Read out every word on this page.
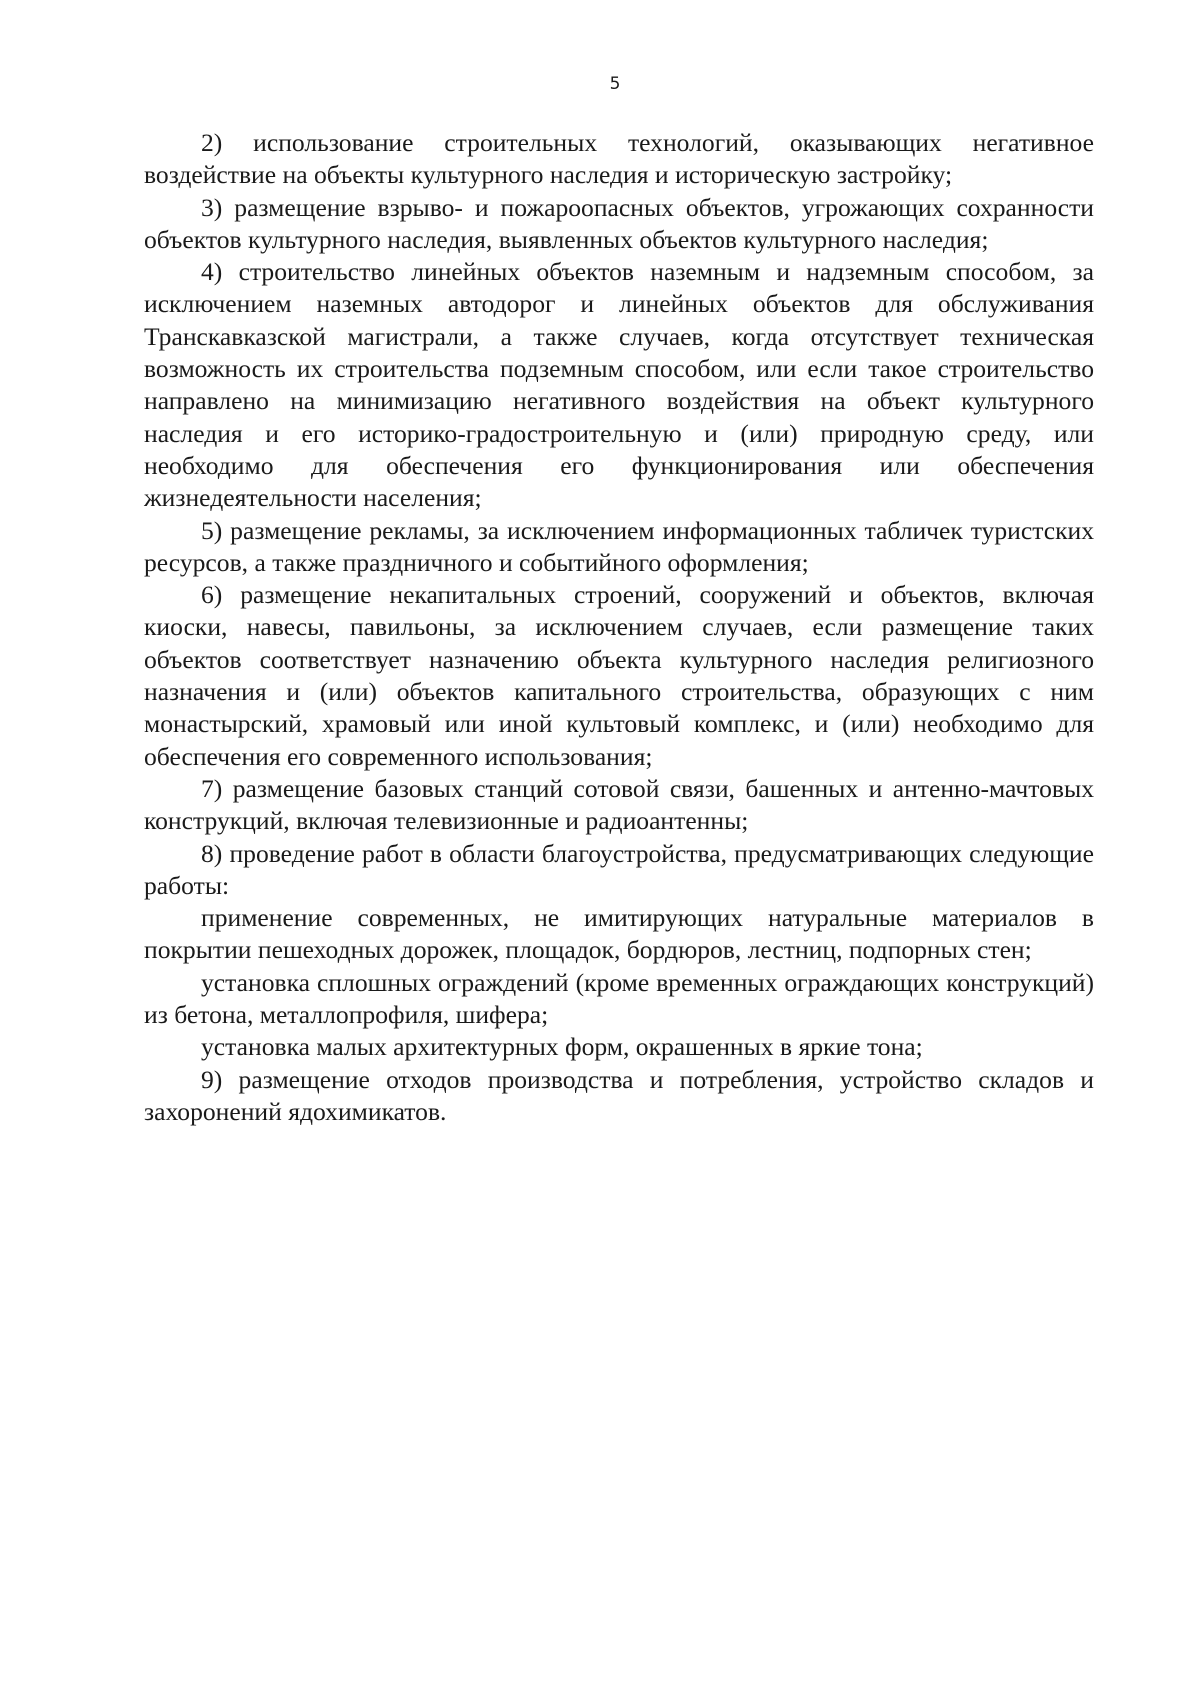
5

2) использование строительных технологий, оказывающих негативное воздействие на объекты культурного наследия и историческую застройку;

3) размещение взрыво- и пожароопасных объектов, угрожающих сохранности объектов культурного наследия, выявленных объектов культурного наследия;

4) строительство линейных объектов наземным и надземным способом, за исключением наземных автодорог и линейных объектов для обслуживания Транскавказской магистрали, а также случаев, когда отсутствует техническая возможность их строительства подземным способом, или если такое строительство направлено на минимизацию негативного воздействия на объект культурного наследия и его историко-градостроительную и (или) природную среду, или необходимо для обеспечения его функционирования или обеспечения жизнедеятельности населения;

5) размещение рекламы, за исключением информационных табличек туристских ресурсов, а также праздничного и событийного оформления;

6) размещение некапитальных строений, сооружений и объектов, включая киоски, навесы, павильоны, за исключением случаев, если размещение таких объектов соответствует назначению объекта культурного наследия религиозного назначения и (или) объектов капитального строительства, образующих с ним монастырский, храмовый или иной культовый комплекс, и (или) необходимо для обеспечения его современного использования;

7) размещение базовых станций сотовой связи, башенных и антенно-мачтовых конструкций, включая телевизионные и радиоантенны;

8) проведение работ в области благоустройства, предусматривающих следующие работы:

применение современных, не имитирующих натуральные материалов в покрытии пешеходных дорожек, площадок, бордюров, лестниц, подпорных стен;

установка сплошных ограждений (кроме временных ограждающих конструкций) из бетона, металлопрофиля, шифера;

установка малых архитектурных форм, окрашенных в яркие тона;

9) размещение отходов производства и потребления, устройство складов и захоронений ядохимикатов.
